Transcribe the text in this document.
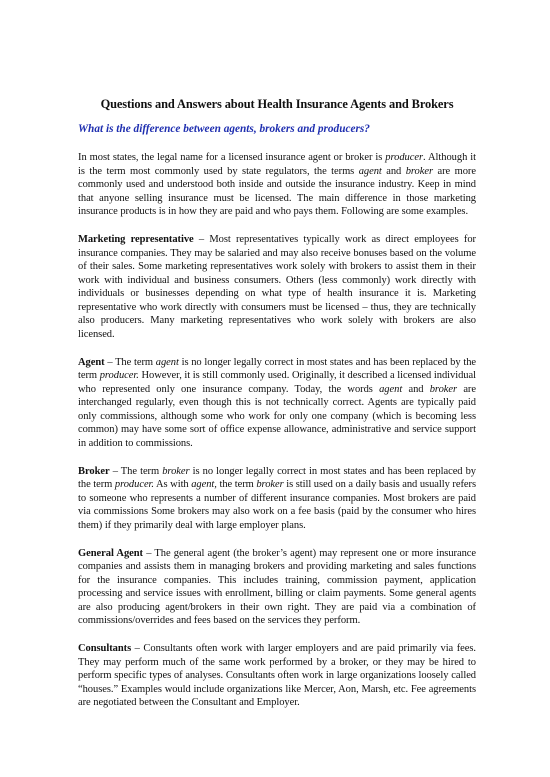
Questions and Answers about Health Insurance Agents and Brokers
What is the difference between agents, brokers and producers?

In most states, the legal name for a licensed insurance agent or broker is producer. Although it is the term most commonly used by state regulators, the terms agent and broker are more commonly used and understood both inside and outside the insurance industry. Keep in mind that anyone selling insurance must be licensed. The main difference in those marketing insurance products is in how they are paid and who pays them. Following are some examples.

Marketing representative – Most representatives typically work as direct employees for insurance companies. They may be salaried and may also receive bonuses based on the volume of their sales. Some marketing representatives work solely with brokers to assist them in their work with individual and business consumers. Others (less commonly) work directly with individuals or businesses depending on what type of health insurance it is. Marketing representative who work directly with consumers must be licensed – thus, they are technically also producers. Many marketing representatives who work solely with brokers are also licensed.

Agent – The term agent is no longer legally correct in most states and has been replaced by the term producer. However, it is still commonly used. Originally, it described a licensed individual who represented only one insurance company. Today, the words agent and broker are interchanged regularly, even though this is not technically correct. Agents are typically paid only commissions, although some who work for only one company (which is becoming less common) may have some sort of office expense allowance, administrative and service support in addition to commissions.

Broker – The term broker is no longer legally correct in most states and has been replaced by the term producer. As with agent, the term broker is still used on a daily basis and usually refers to someone who represents a number of different insurance companies. Most brokers are paid via commissions Some brokers may also work on a fee basis (paid by the consumer who hires them) if they primarily deal with large employer plans.

General Agent – The general agent (the broker’s agent) may represent one or more insurance companies and assists them in managing brokers and providing marketing and sales functions for the insurance companies. This includes training, commission payment, application processing and service issues with enrollment, billing or claim payments. Some general agents are also producing agent/brokers in their own right. They are paid via a combination of commissions/overrides and fees based on the services they perform.

Consultants – Consultants often work with larger employers and are paid primarily via fees. They may perform much of the same work performed by a broker, or they may be hired to perform specific types of analyses. Consultants often work in large organizations loosely called “houses.” Examples would include organizations like Mercer, Aon, Marsh, etc. Fee agreements are negotiated between the Consultant and Employer.
